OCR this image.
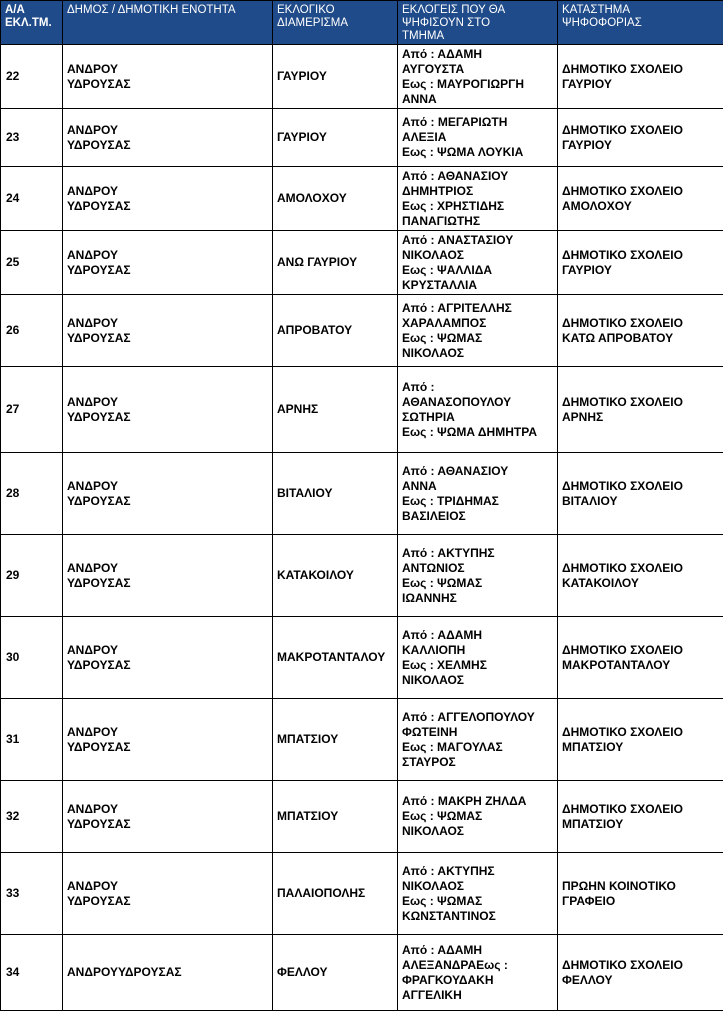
Α/Α
ΕΚΛ.ΤΜ.	ΔΗΜΟΣ / ΔΗΜΟΤΙΚΗ ΕΝΟΤΗΤΑ	ΕΚΛΟΓΙΚΟ
ΔΙΑΜΕΡΙΣΜΑ	ΕΚΛΟΓΕΙΣ ΠΟΥ ΘΑ
ΨΗΦΙΣΟΥΝ ΣΤΟ
ΤΜΗΜΑ	ΚΑΤΑΣΤΗΜΑ
ΨΗΦΟΦΟΡΙΑΣ

22	ΑΝΔΡΟΥ
ΥΔΡΟΥΣΑΣ	ΓΑΥΡΙΟΥ	Από : ΑΔΑΜΗ
ΑΥΓΟΥΣΤΑ
Εως : ΜΑΥΡΟΓΙΩΡΓΗ
ΑΝΝΑ	ΔΗΜΟΤΙΚΟ ΣΧΟΛΕΙΟ
ΓΑΥΡΙΟΥ

23	ΑΝΔΡΟΥ
ΥΔΡΟΥΣΑΣ	ΓΑΥΡΙΟΥ	Από : ΜΕΓΑΡΙΩΤΗ
ΑΛΕΞΙΑ
Εως : ΨΩΜΑ ΛΟΥΚΙΑ	ΔΗΜΟΤΙΚΟ ΣΧΟΛΕΙΟ
ΓΑΥΡΙΟΥ

24	ΑΝΔΡΟΥ
ΥΔΡΟΥΣΑΣ	ΑΜΟΛΟΧΟΥ	Από : ΑΘΑΝΑΣΙΟΥ
ΔΗΜΗΤΡΙΟΣ
Εως : ΧΡΗΣΤΙΔΗΣ
ΠΑΝΑΓΙΩΤΗΣ	ΔΗΜΟΤΙΚΟ ΣΧΟΛΕΙΟ
ΑΜΟΛΟΧΟΥ

25	ΑΝΔΡΟΥ
ΥΔΡΟΥΣΑΣ	ΑΝΩ ΓΑΥΡΙΟΥ	Από : ΑΝΑΣΤΑΣΙΟΥ
ΝΙΚΟΛΑΟΣ
Εως : ΨΑΛΛΙΔΑ
ΚΡΥΣΤΑΛΛΙΑ	ΔΗΜΟΤΙΚΟ ΣΧΟΛΕΙΟ
ΓΑΥΡΙΟΥ

26	ΑΝΔΡΟΥ
ΥΔΡΟΥΣΑΣ	ΑΠΡΟΒΑΤΟΥ	Από : ΑΓΡΙΤΕΛΛΗΣ
ΧΑΡΑΛΑΜΠΟΣ
Εως : ΨΩΜΑΣ
ΝΙΚΟΛΑΟΣ	ΔΗΜΟΤΙΚΟ ΣΧΟΛΕΙΟ
ΚΑΤΩ ΑΠΡΟΒΑΤΟΥ

27	ΑΝΔΡΟΥ
ΥΔΡΟΥΣΑΣ	ΑΡΝΗΣ	Από :
ΑΘΑΝΑΣΟΠΟΥΛΟΥ
ΣΩΤΗΡΙΑ
Εως : ΨΩΜΑ ΔΗΜΗΤΡΑ	ΔΗΜΟΤΙΚΟ ΣΧΟΛΕΙΟ
ΑΡΝΗΣ

28	ΑΝΔΡΟΥ
ΥΔΡΟΥΣΑΣ	ΒΙΤΑΛΙΟΥ	Από : ΑΘΑΝΑΣΙΟΥ
ΑΝΝΑ
Εως : ΤΡΙΔΗΜΑΣ
ΒΑΣΙΛΕΙΟΣ	ΔΗΜΟΤΙΚΟ ΣΧΟΛΕΙΟ
ΒΙΤΑΛΙΟΥ

29	ΑΝΔΡΟΥ
ΥΔΡΟΥΣΑΣ	ΚΑΤΑΚΟΙΛΟΥ	Από : ΑΚΤΥΠΗΣ
ΑΝΤΩΝΙΟΣ
Εως : ΨΩΜΑΣ
ΙΩΑΝΝΗΣ	ΔΗΜΟΤΙΚΟ ΣΧΟΛΕΙΟ
ΚΑΤΑΚΟΙΛΟΥ

30	ΑΝΔΡΟΥ
ΥΔΡΟΥΣΑΣ	ΜΑΚΡΟΤΑΝΤΑΛΟΥ	Από : ΑΔΑΜΗ
ΚΑΛΛΙΟΠΗ
Εως : ΧΕΛΜΗΣ
ΝΙΚΟΛΑΟΣ	ΔΗΜΟΤΙΚΟ ΣΧΟΛΕΙΟ
ΜΑΚΡΟΤΑΝΤΑΛΟΥ

31	ΑΝΔΡΟΥ
ΥΔΡΟΥΣΑΣ	ΜΠΑΤΣΙΟΥ	Από : ΑΓΓΕΛΟΠΟΥΛΟΥ
ΦΩΤΕΙΝΗ
Εως : ΜΑΓΟΥΛΑΣ
ΣΤΑΥΡΟΣ	ΔΗΜΟΤΙΚΟ ΣΧΟΛΕΙΟ
ΜΠΑΤΣΙΟΥ

32	ΑΝΔΡΟΥ
ΥΔΡΟΥΣΑΣ	ΜΠΑΤΣΙΟΥ	Από : ΜΑΚΡΗ ΖΗΛΔΑ
Εως : ΨΩΜΑΣ
ΝΙΚΟΛΑΟΣ	ΔΗΜΟΤΙΚΟ ΣΧΟΛΕΙΟ
ΜΠΑΤΣΙΟΥ

33	ΑΝΔΡΟΥ
ΥΔΡΟΥΣΑΣ	ΠΑΛΑΙΟΠΟΛΗΣ	Από : ΑΚΤΥΠΗΣ
ΝΙΚΟΛΑΟΣ
Εως : ΨΩΜΑΣ
ΚΩΝΣΤΑΝΤΙΝΟΣ	ΠΡΩΗΝ ΚΟΙΝΟΤΙΚΟ
ΓΡΑΦΕΙΟ

34	ΑΝΔΡΟΥΥΔΡΟΥΣΑΣ	ΦΕΛΛΟΥ	Από : ΑΔΑΜΗ
ΑΛΕΞΑΝΔΡΑΕως :
ΦΡΑΓΚΟΥΔΑΚΗ
ΑΓΓΕΛΙΚΗ	ΔΗΜΟΤΙΚΟ ΣΧΟΛΕΙΟ
ΦΕΛΛΟΥ
